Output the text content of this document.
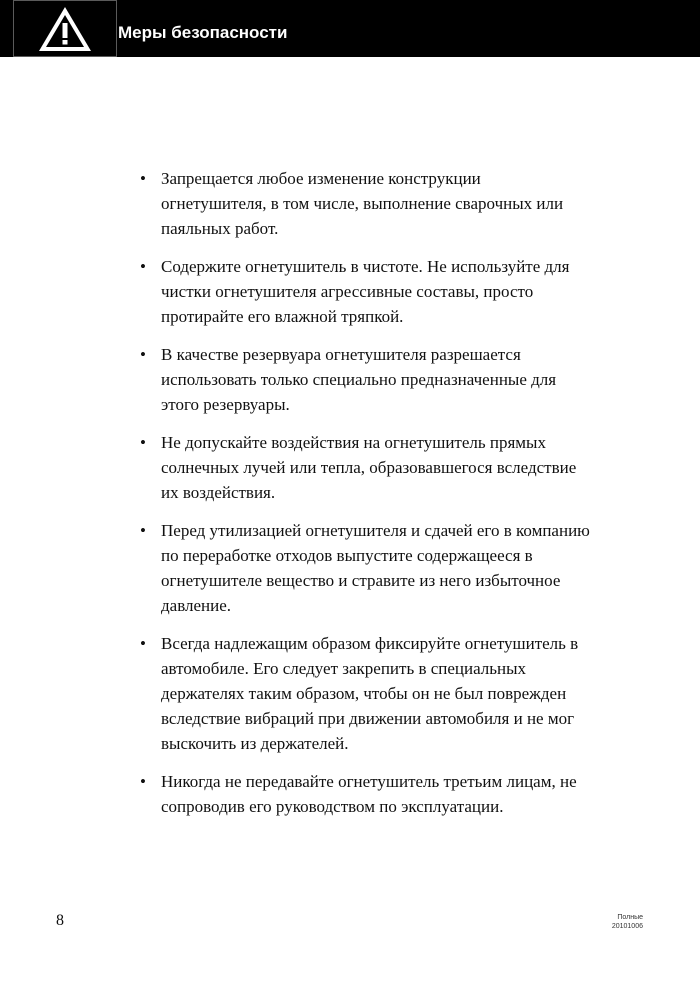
Меры безопасности
• Запрещается любое изменение конструкции огнетушителя, в том числе, выполнение сварочных или паяльных работ.
• Содержите огнетушитель в чистоте. Не используйте для чистки огнетушителя агрессивные составы, просто протирайте его влажной тряпкой.
• В качестве резервуара огнетушителя разрешается использовать только специально предназначенные для этого резервуары.
• Не допускайте воздействия на огнетушитель прямых солнечных лучей или тепла, образовавшегося вследствие их воздействия.
• Перед утилизацией огнетушителя и сдачей его в компанию по переработке отходов выпустите содержащееся в огнетушителе вещество и стравите из него избыточное давление.
• Всегда надлежащим образом фиксируйте огнетушитель в автомобиле. Его следует закрепить в специальных держателях таким образом, чтобы он не был поврежден вследствие вибраций при движении автомобиля и не мог выскочить из держателей.
• Никогда не передавайте огнетушитель третьим лицам, не сопроводив его руководством по эксплуатации.
8	Полные
20101006
